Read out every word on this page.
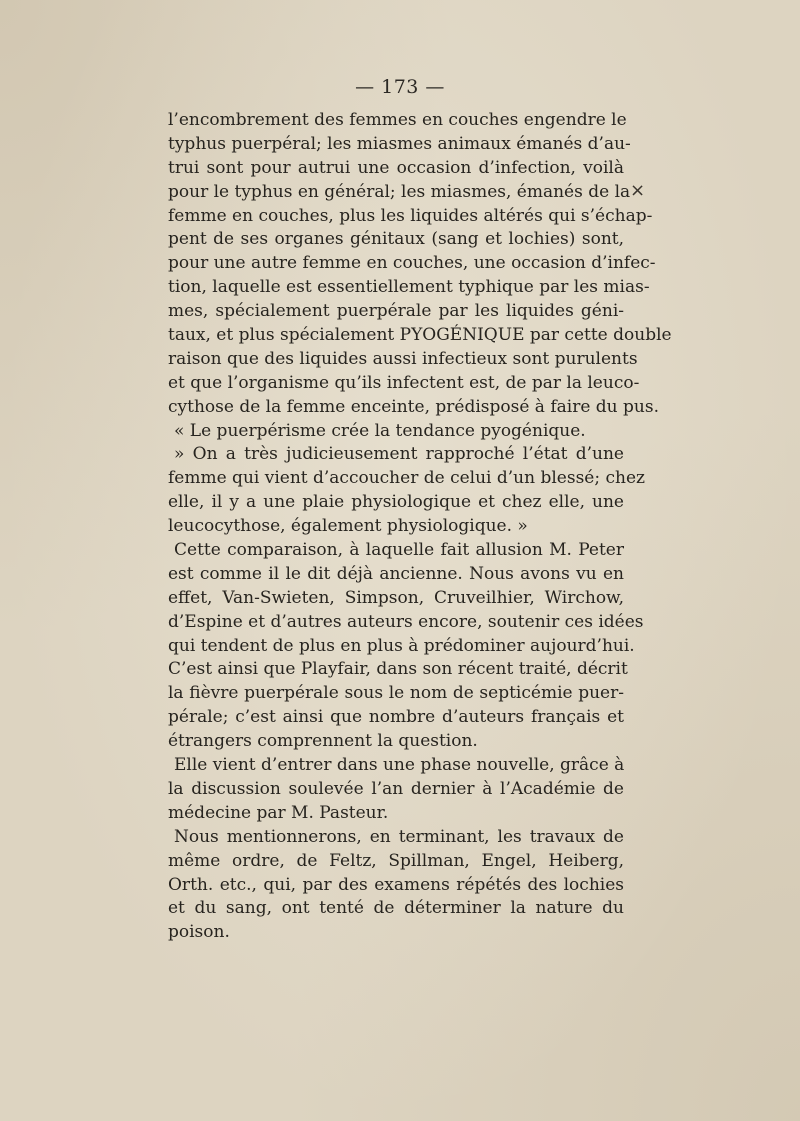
— 173 —
×
l’encombrement des femmes en couches engendre le
typhus puerpéral; les miasmes animaux émanés d’au-
trui sont pour autrui une occasion d’infection, voilà
pour le typhus en général; les miasmes, émanés de la
femme en couches, plus les liquides altérés qui s’échap-
pent de ses organes génitaux (sang et lochies) sont,
pour une autre femme en couches, une occasion d’infec-
tion, laquelle est essentiellement typhique par les mias-
mes, spécialement puerpérale par les liquides géni-
taux, et plus spécialement PYOGÉNIQUE par cette double
raison que des liquides aussi infectieux sont purulents
et que l’organisme qu’ils infectent est, de par la leuco-
cythose de la femme enceinte, prédisposé à faire du pus.
« Le puerpérisme crée la tendance pyogénique.
» On a très judicieusement rapproché l’état d’une
femme qui vient d’accoucher de celui d’un blessé; chez
elle, il y a une plaie physiologique et chez elle, une
leucocythose, également physiologique. »
Cette comparaison, à laquelle fait allusion M. Peter
est comme il le dit déjà ancienne. Nous avons vu en
effet, Van-Swieten, Simpson, Cruveilhier, Wirchow,
d’Espine et d’autres auteurs encore, soutenir ces idées
qui tendent de plus en plus à prédominer aujourd’hui.
C’est ainsi que Playfair, dans son récent traité, décrit
la fièvre puerpérale sous le nom de septicémie puer-
pérale; c’est ainsi que nombre d’auteurs français et
étrangers comprennent la question.
Elle vient d’entrer dans une phase nouvelle, grâce à
la discussion soulevée l’an dernier à l’Académie de
médecine par M. Pasteur.
Nous mentionnerons, en terminant, les travaux de
même ordre, de Feltz, Spillman, Engel, Heiberg,
Orth. etc., qui, par des examens répétés des lochies
et du sang, ont tenté de déterminer la nature du
poison.
